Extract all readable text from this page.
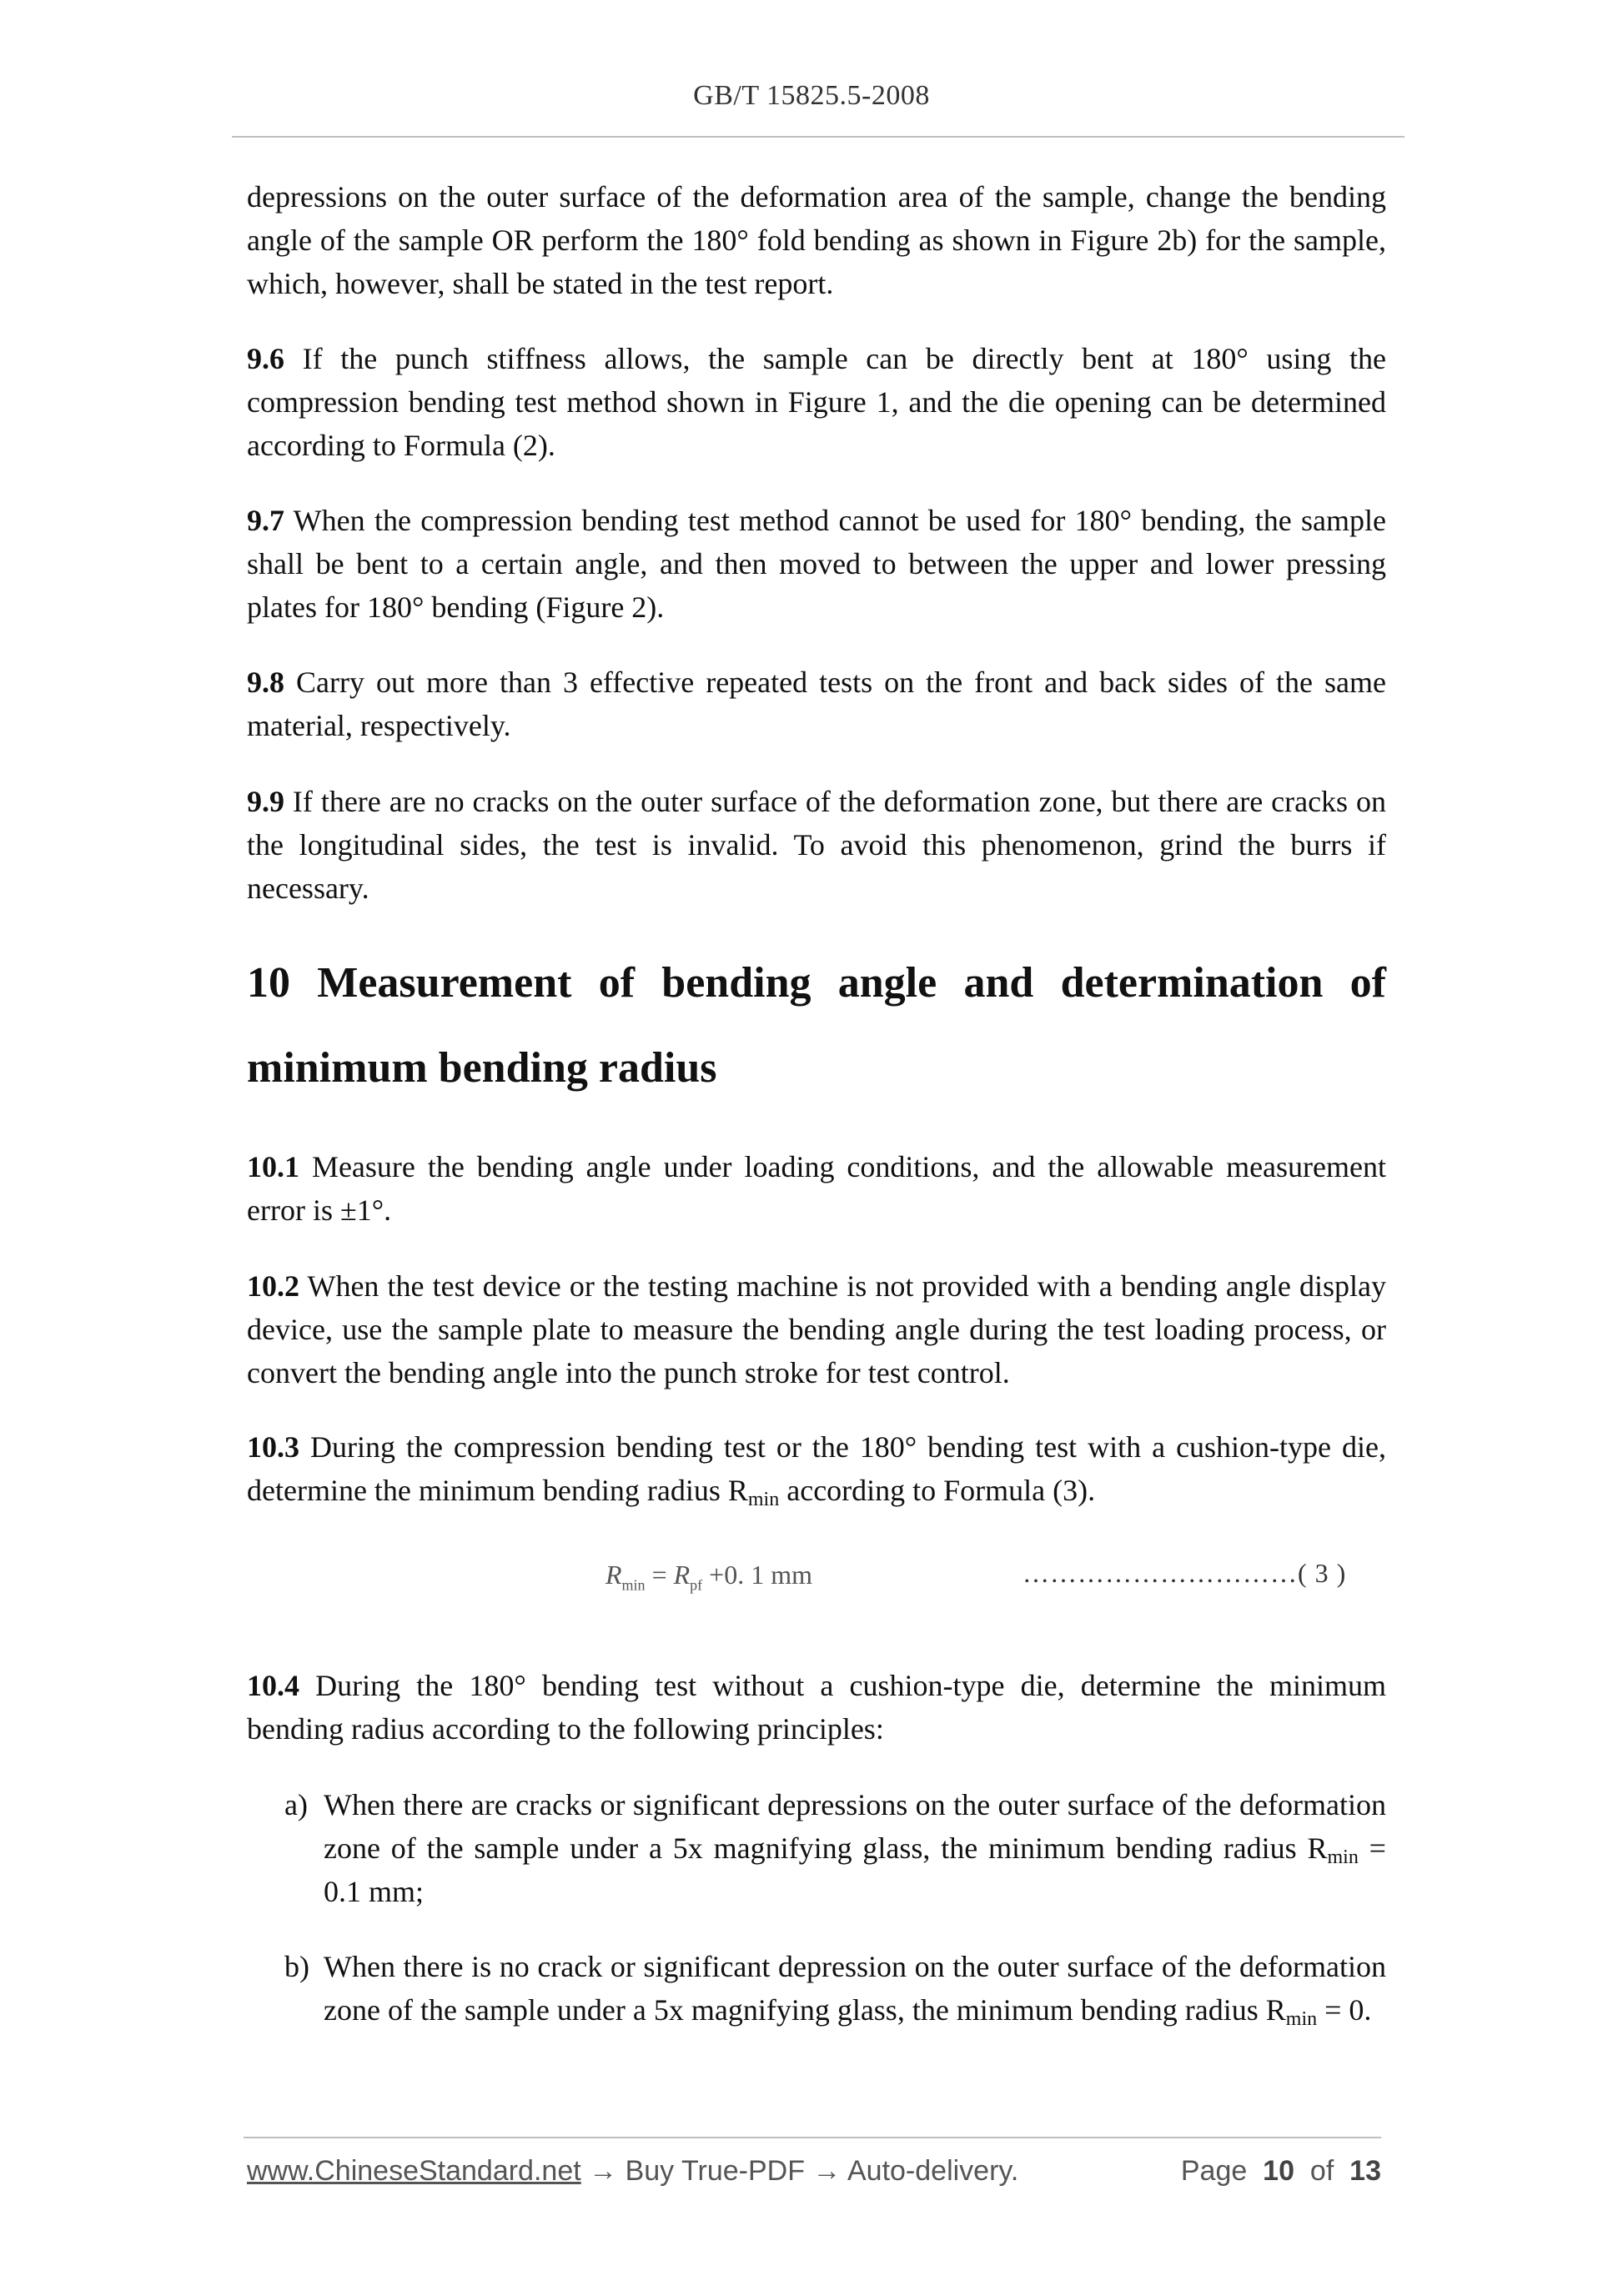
GB/T 15825.5-2008
depressions on the outer surface of the deformation area of the sample, change the bending angle of the sample OR perform the 180° fold bending as shown in Figure 2b) for the sample, which, however, shall be stated in the test report.
9.6 If the punch stiffness allows, the sample can be directly bent at 180° using the compression bending test method shown in Figure 1, and the die opening can be determined according to Formula (2).
9.7 When the compression bending test method cannot be used for 180° bending, the sample shall be bent to a certain angle, and then moved to between the upper and lower pressing plates for 180° bending (Figure 2).
9.8 Carry out more than 3 effective repeated tests on the front and back sides of the same material, respectively.
9.9 If there are no cracks on the outer surface of the deformation zone, but there are cracks on the longitudinal sides, the test is invalid. To avoid this phenomenon, grind the burrs if necessary.
10 Measurement of bending angle and determination of minimum bending radius
10.1 Measure the bending angle under loading conditions, and the allowable measurement error is ±1°.
10.2 When the test device or the testing machine is not provided with a bending angle display device, use the sample plate to measure the bending angle during the test loading process, or convert the bending angle into the punch stroke for test control.
10.3 During the compression bending test or the 180° bending test with a cushion-type die, determine the minimum bending radius $R_{min}$ according to Formula (3).
$R_{min} = R_{pf} +0$. 1 mm	…………………………( 3 )
10.4 During the 180° bending test without a cushion-type die, determine the minimum bending radius according to the following principles:
a) When there are cracks or significant depressions on the outer surface of the deformation zone of the sample under a 5x magnifying glass, the minimum bending radius $R_{min} = 0.1$ mm;
b) When there is no crack or significant depression on the outer surface of the deformation zone of the sample under a 5x magnifying glass, the minimum bending radius $R_{min} = 0$.
www.ChineseStandard.net → Buy True-PDF → Auto-delivery.	Page 10 of 13
